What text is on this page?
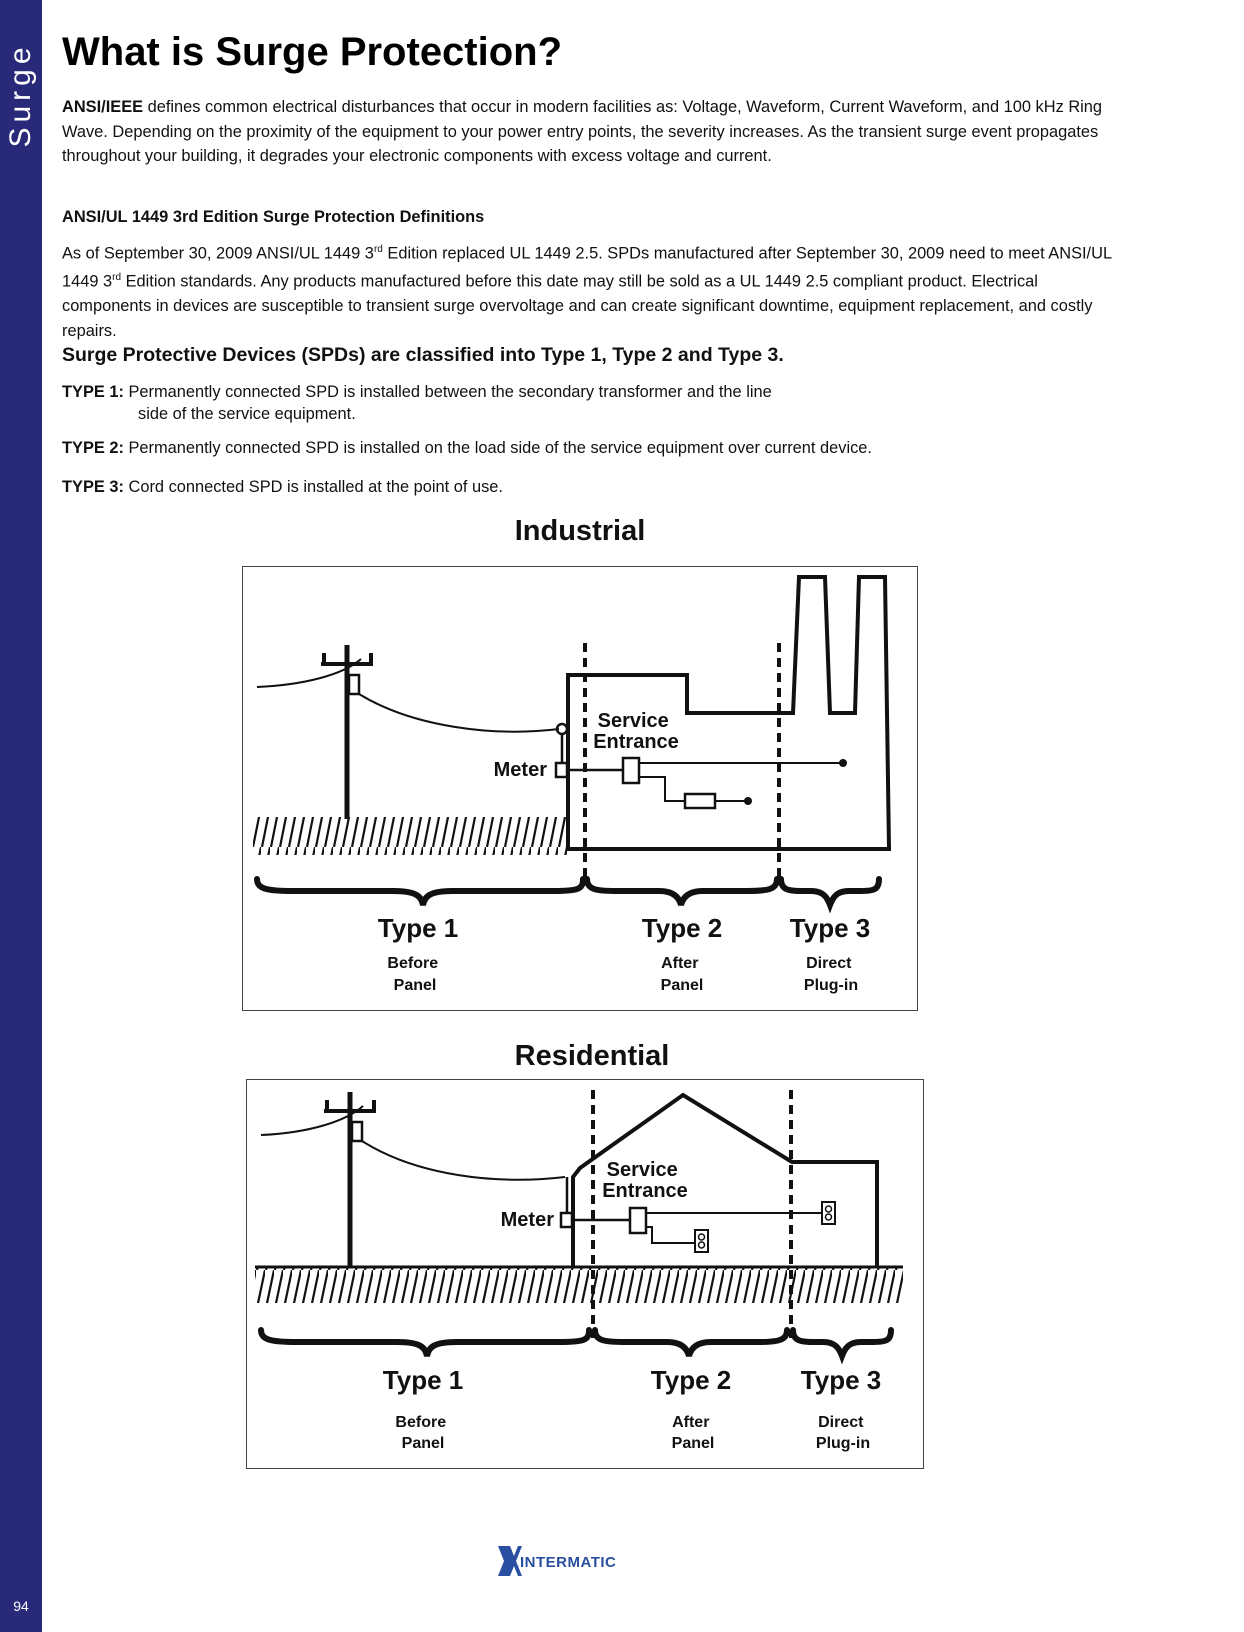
Surge
94
What is Surge Protection?

ANSI/IEEE defines common electrical disturbances that occur in modern facilities as: Voltage, Waveform, Current Waveform, and 100 kHz Ring Wave. Depending on the proximity of the equipment to your power entry points, the severity increases. As the transient surge event propagates throughout your building, it degrades your electronic components with excess voltage and current.

ANSI/UL 1449 3rd Edition Surge Protection Definitions

As of September 30, 2009 ANSI/UL 1449 3rd Edition replaced UL 1449 2.5. SPDs manufactured after September 30, 2009 need to meet ANSI/UL 1449 3rd Edition standards. Any products manufactured before this date may still be sold as a UL 1449 2.5 compliant product. Electrical components in devices are susceptible to transient surge overvoltage and can create significant downtime, equipment replacement, and costly repairs.

Surge Protective Devices (SPDs) are classified into Type 1, Type 2 and Type 3.

TYPE 1: Permanently connected SPD is installed between the secondary transformer and the line
side of the service equipment.

TYPE 2: Permanently connected SPD is installed on the load side of the service equipment over current device.

TYPE 3: Cord connected SPD is installed at the point of use.

Industrial
Service Entrance
Meter
Type 1	Type 2	Type 3
Before Panel
After Panel
Direct Plug-in
Residential
Service Entrance
Meter
Type 1	Type 2	Type 3
Before Panel
After Panel
Direct Plug-in
INTERMATIC
